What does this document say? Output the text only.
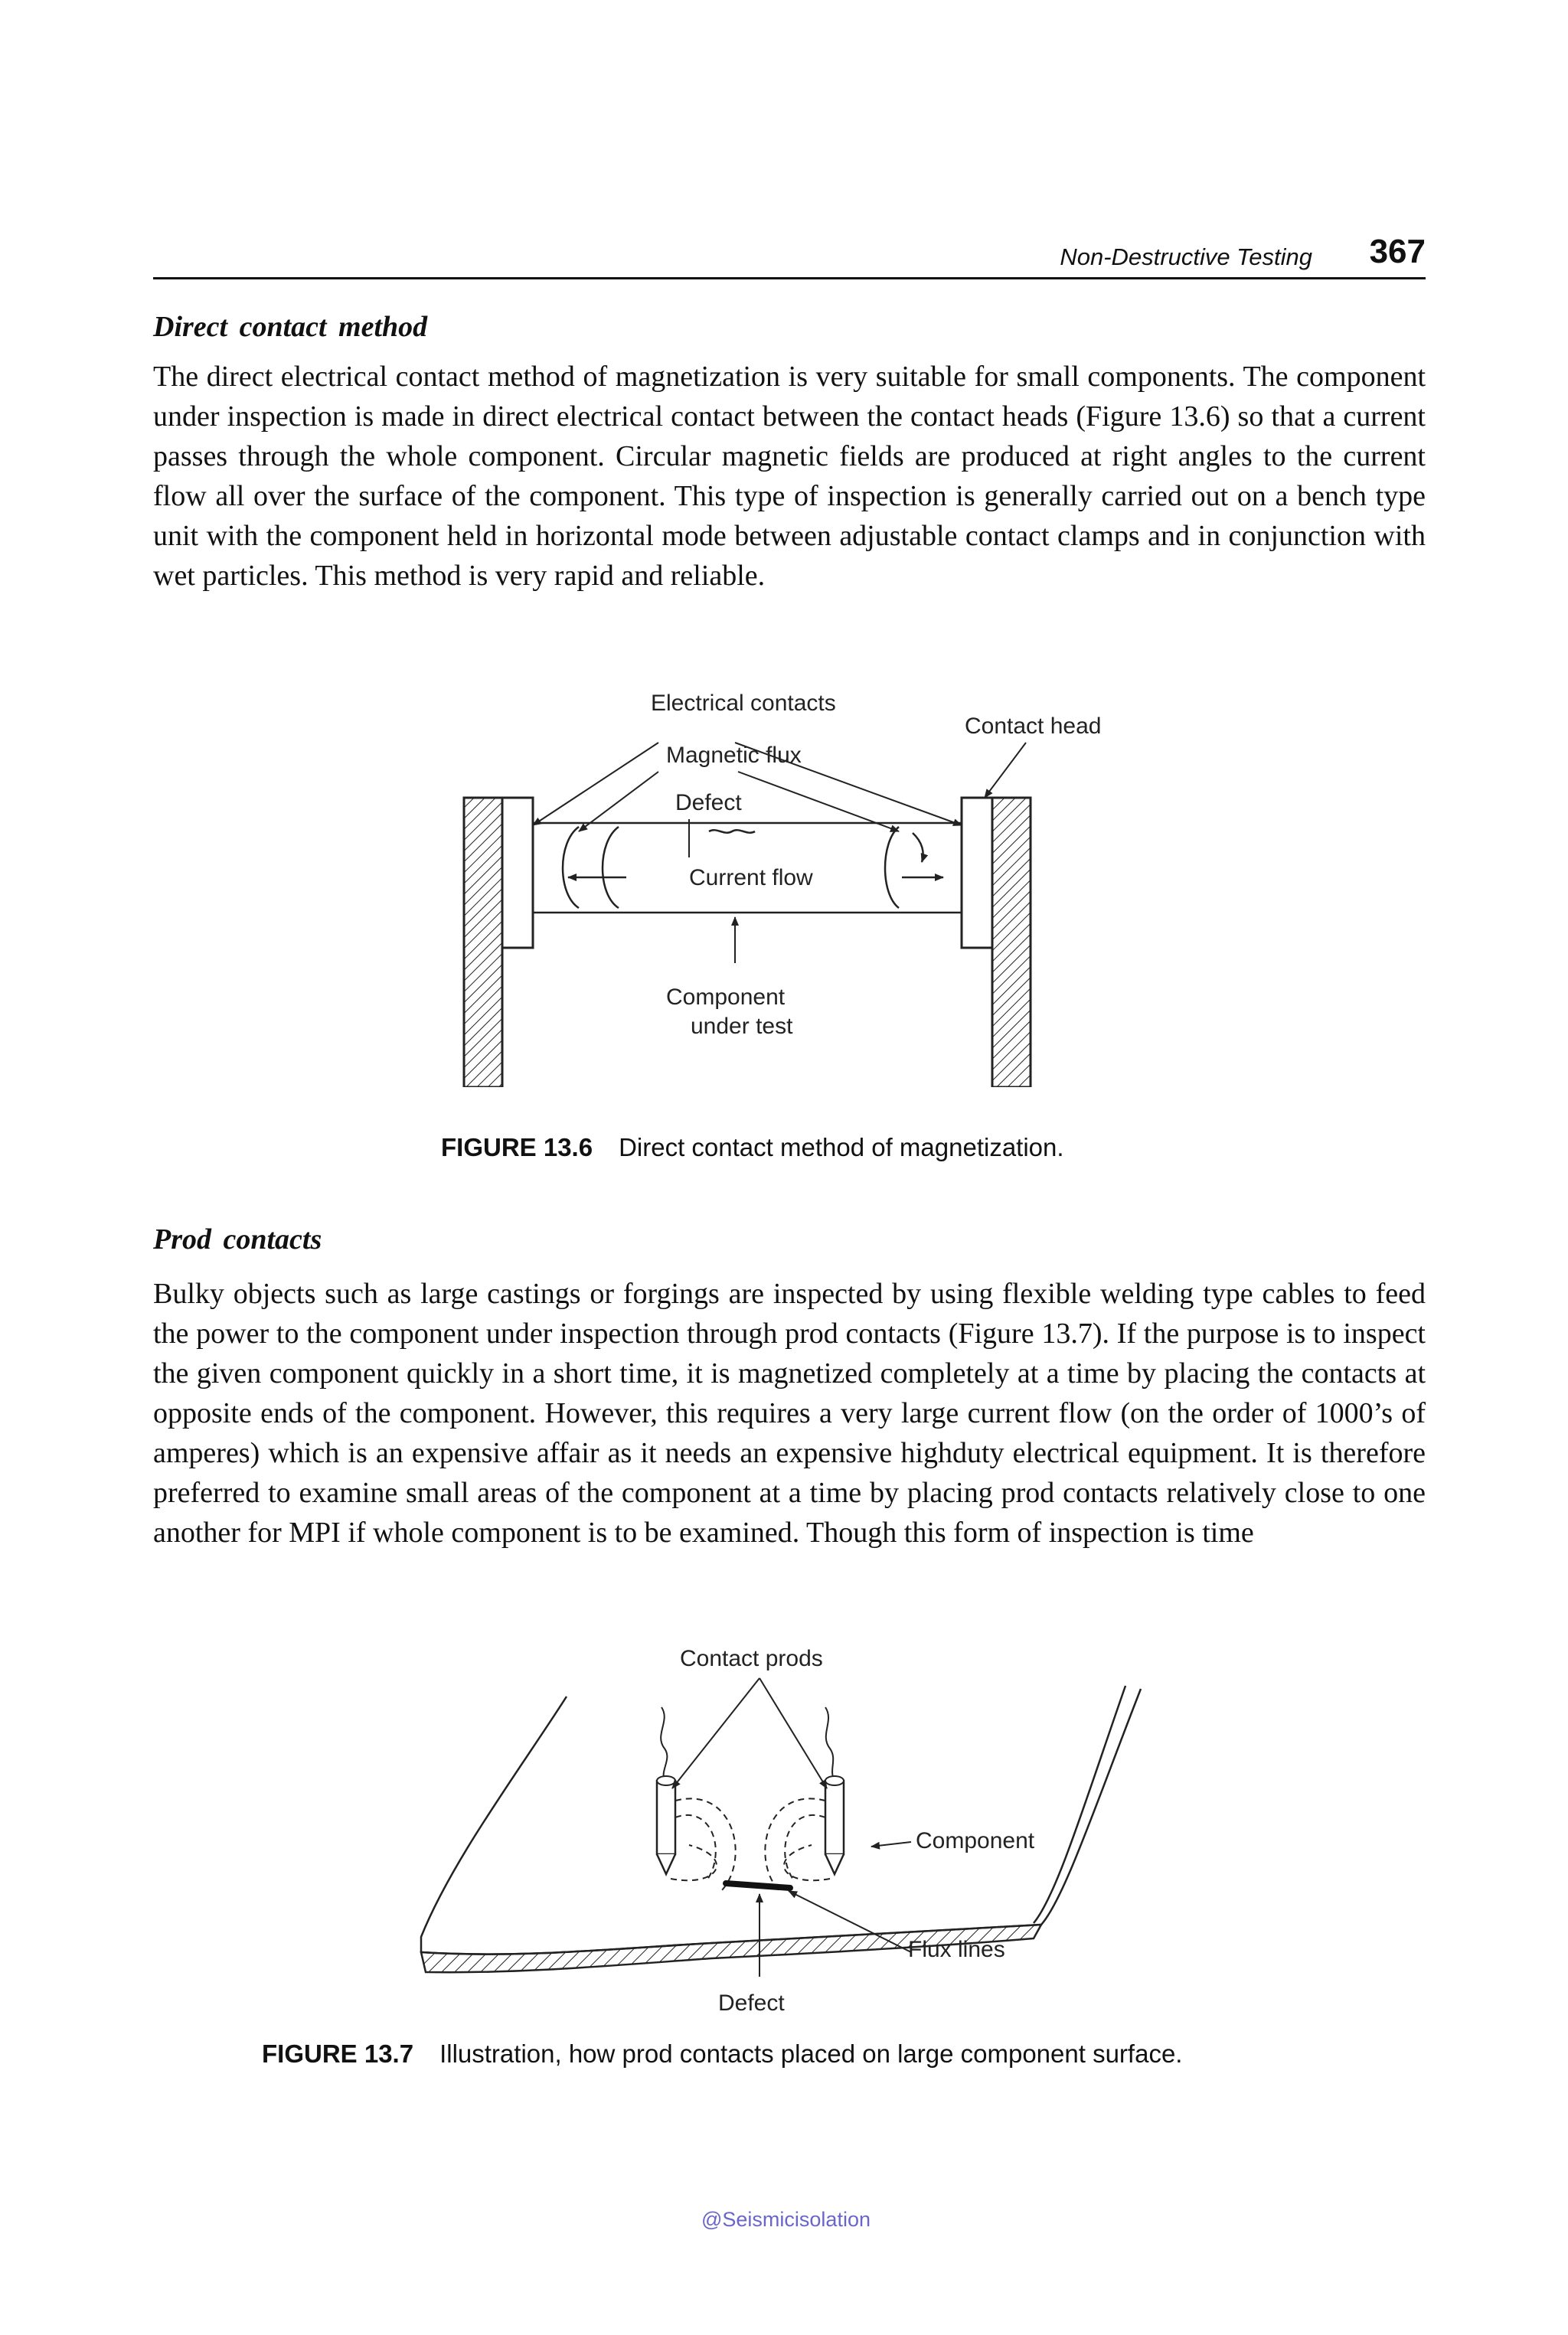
Non-Destructive Testing 367
Direct contact method

The direct electrical contact method of magnetization is very suitable for small components. The component under inspection is made in direct electrical contact between the contact heads (Figure 13.6) so that a current passes through the whole component. Circular magnetic fields are produced at right angles to the current flow all over the surface of the component. This type of inspection is generally carried out on a bench type unit with the component held in horizontal mode between adjustable contact clamps and in conjunction with wet particles. This method is very rapid and reliable.

Electrical contacts
Magnetic flux
Contact head
Defect
Current flow
Component
under test
FIGURE 13.6 Direct contact method of magnetization.
Prod contacts

Bulky objects such as large castings or forgings are inspected by using flexible welding type cables to feed the power to the component under inspection through prod contacts (Figure 13.7). If the purpose is to inspect the given component quickly in a short time, it is magnetized completely at a time by placing the contacts at opposite ends of the component. However, this requires a very large current flow (on the order of 1000’s of amperes) which is an expensive affair as it needs an expensive highduty electrical equipment. It is therefore preferred to examine small areas of the component at a time by placing prod contacts relatively close to one another for MPI if whole component is to be examined. Though this form of inspection is time

Contact prods
Component
Flux lines
Defect
FIGURE 13.7 Illustration, how prod contacts placed on large component surface.
@Seismicisolation
